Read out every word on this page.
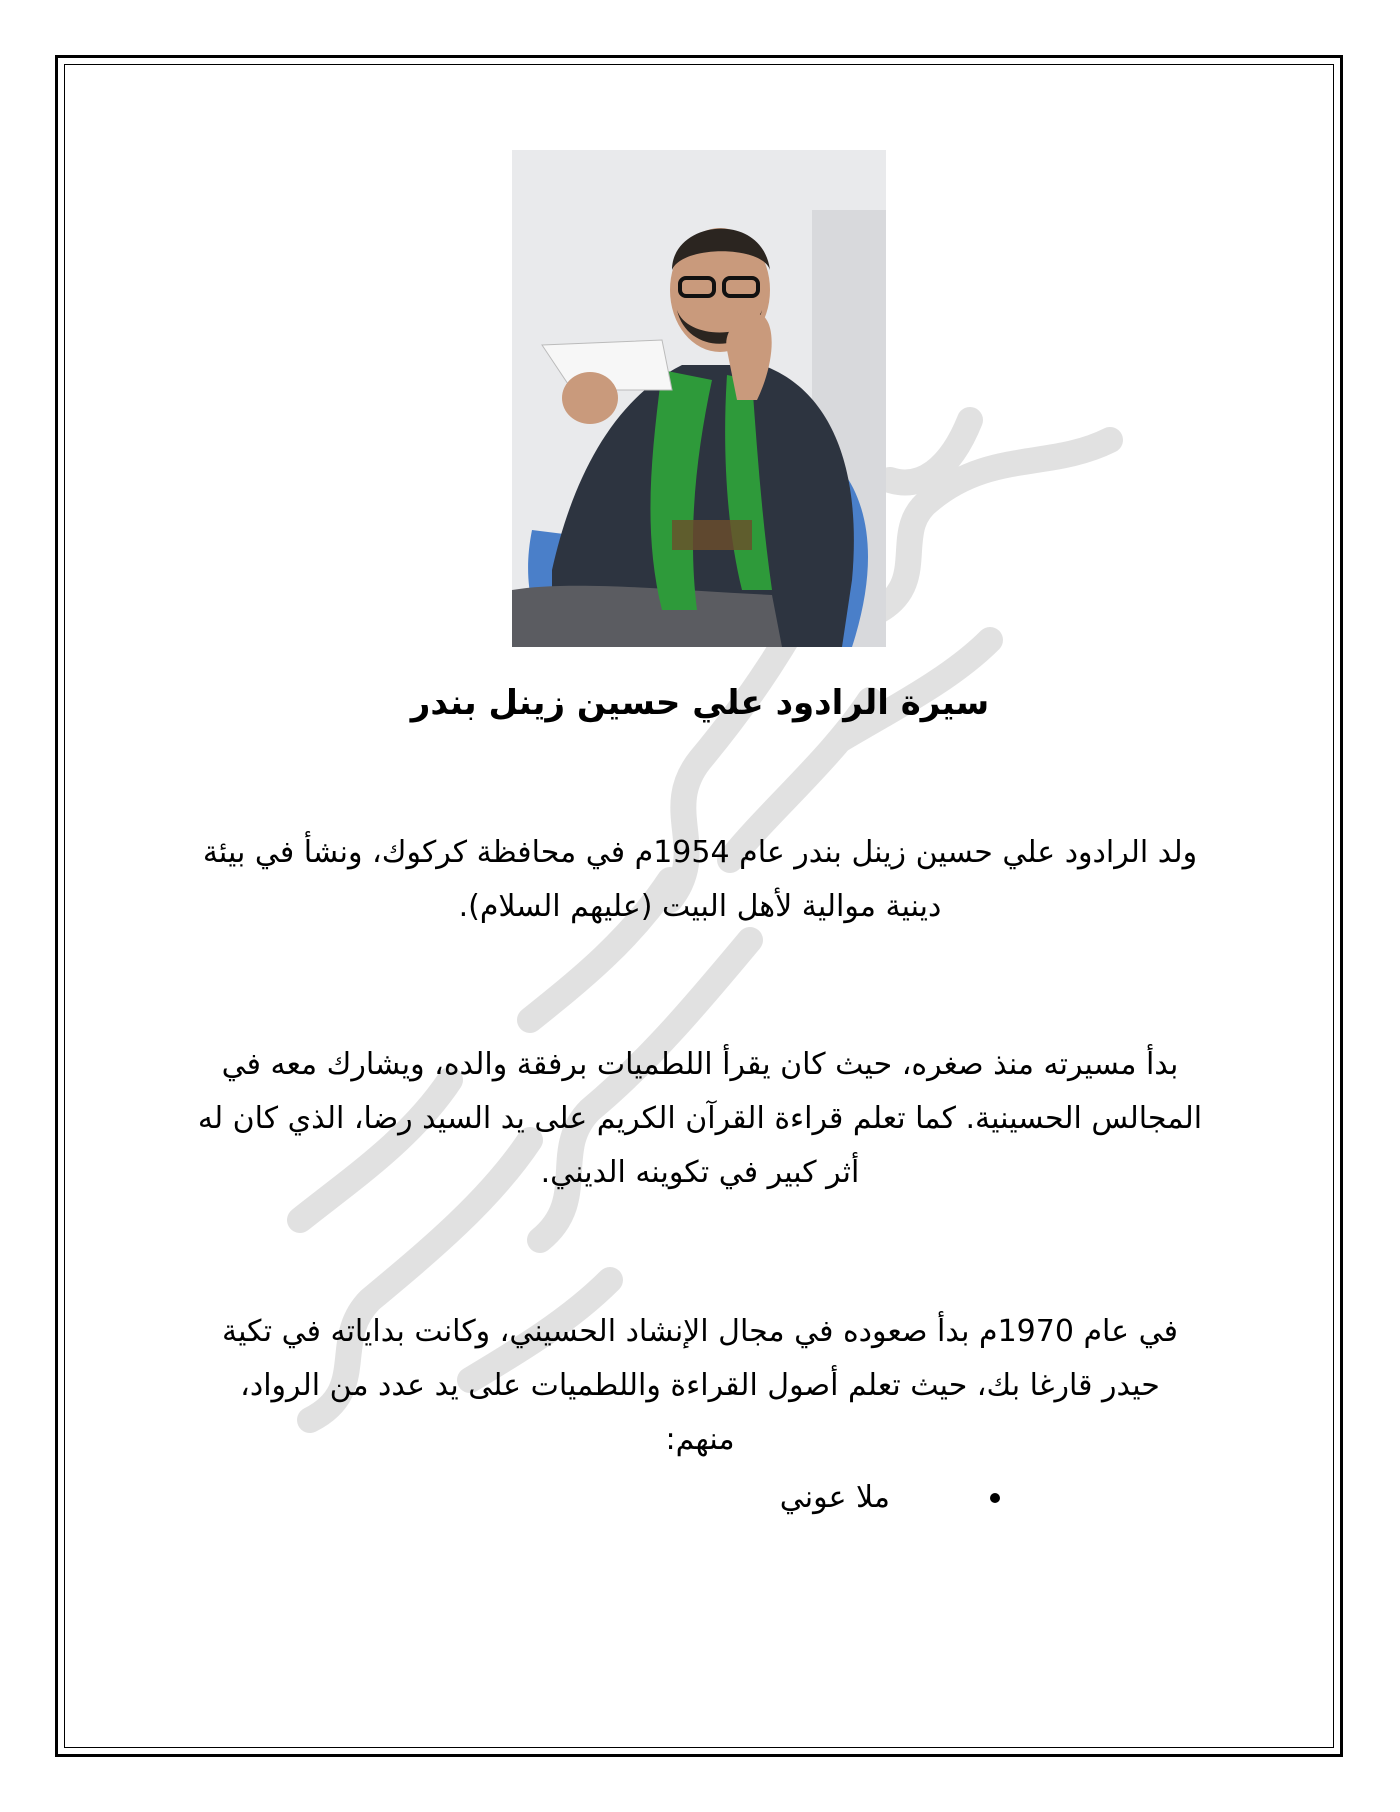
سيرة الرادود علي حسين زينل بندر

ولد الرادود علي حسين زينل بندر عام 1954م في محافظة كركوك، ونشأ في بيئة

دينية موالية لأهل البيت (عليهم السلام).

بدأ مسيرته منذ صغره، حيث كان يقرأ اللطميات برفقة والده، ويشارك معه في

المجالس الحسينية. كما تعلم قراءة القرآن الكريم على يد السيد رضا، الذي كان له

أثر كبير في تكوينه الديني.

في عام 1970م بدأ صعوده في مجال الإنشاد الحسيني، وكانت بداياته في تكية

حيدر قارغا بك، حيث تعلم أصول القراءة واللطميات على يد عدد من الرواد،

منهم:

ملا عوني
